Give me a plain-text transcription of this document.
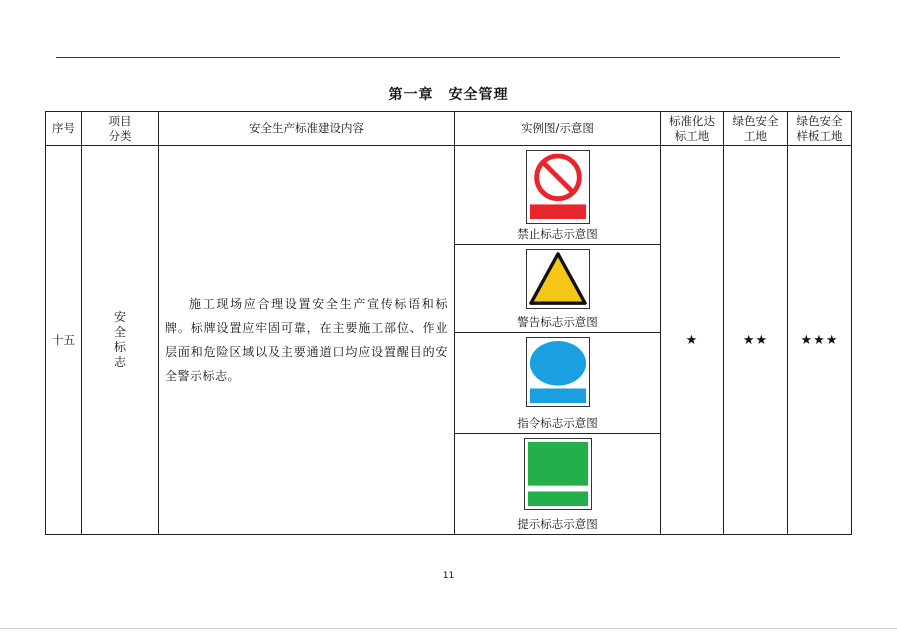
第一章　安全管理
序号	项目分类	安全生产标准建设内容	实例图/示意图	标准化达标工地	绿色安全工地	绿色安全样板工地
十五	安全标志	施工现场应合理设置安全生产宣传标语和标牌。标牌设置应牢固可靠，在主要施工部位、作业层面和危险区域以及主要通道口均应设置醒目的安全警示标志。	禁止标志示意图	★	★★	★★★

			警告标志示意图			

			指令标志示意图			

			提示标志示意图			
11
